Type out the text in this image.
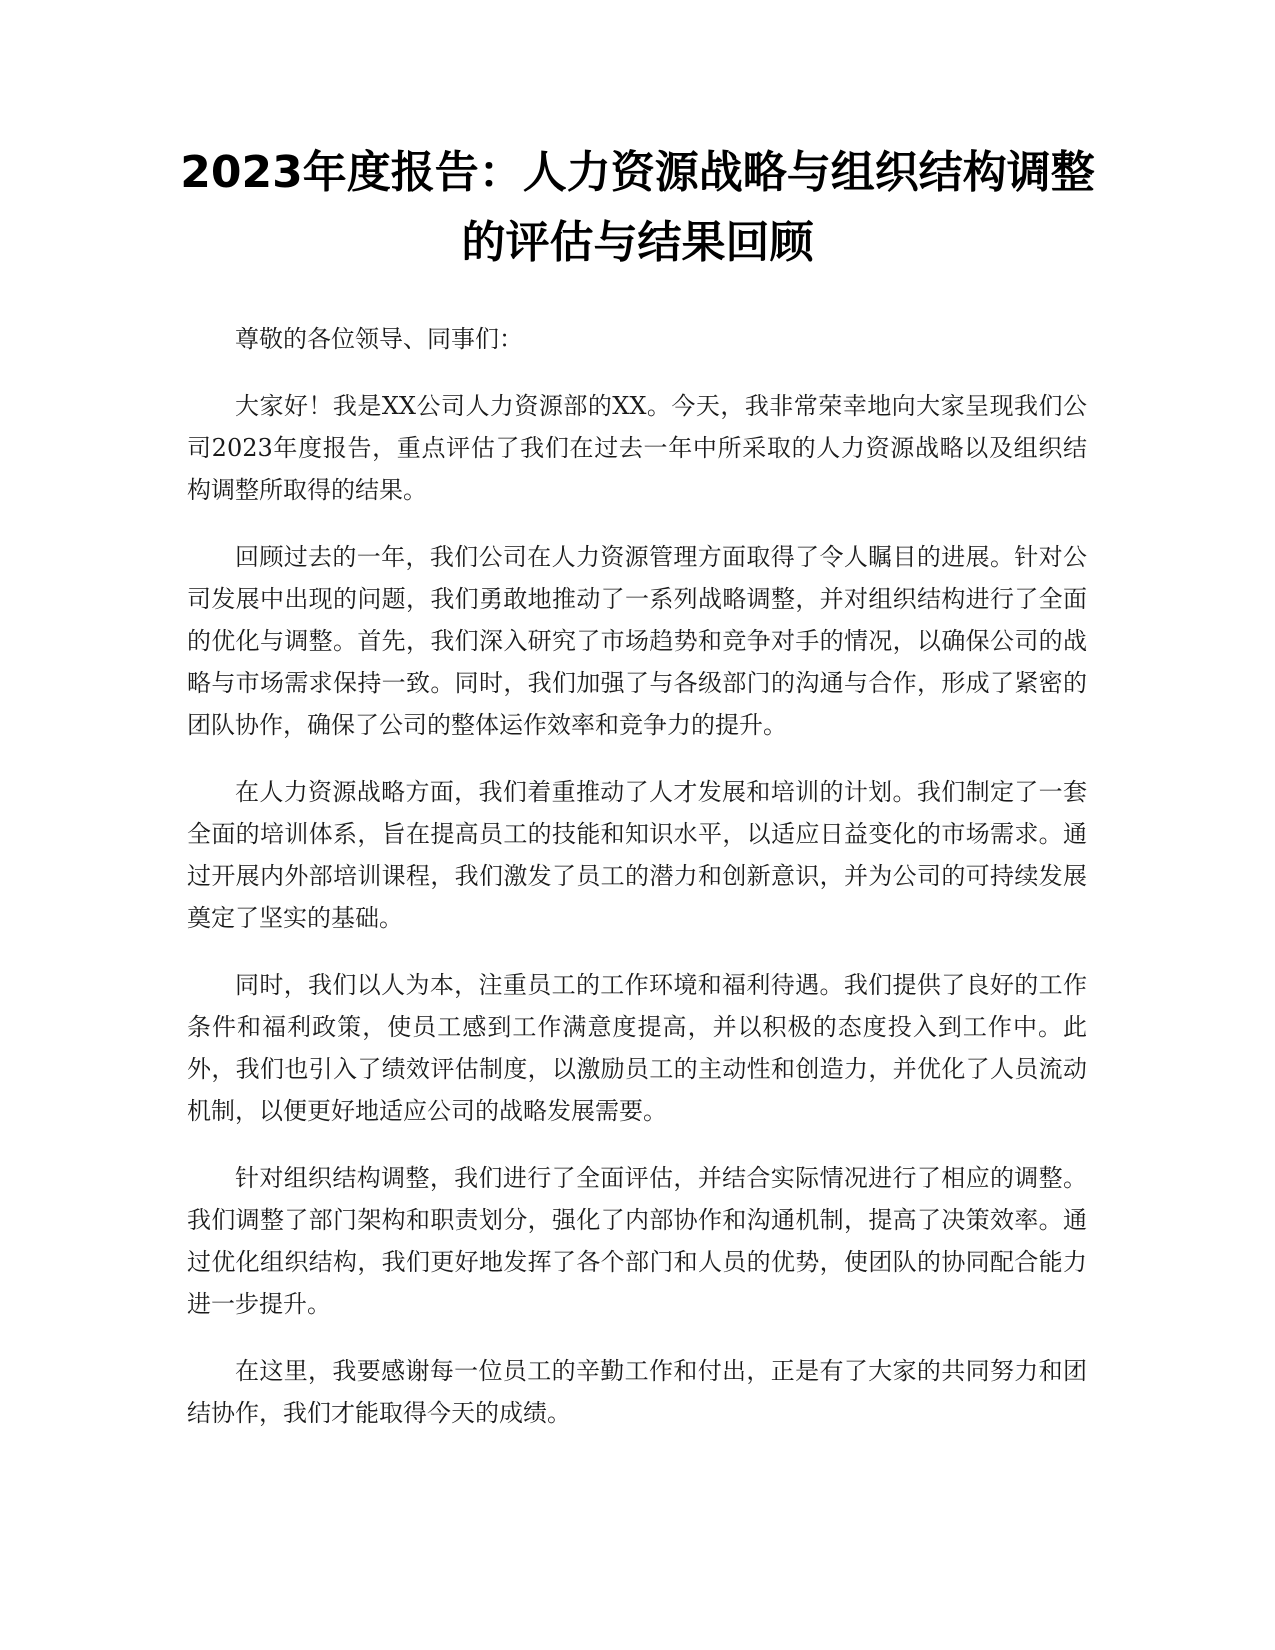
2023年度报告：人力资源战略与组织结构调整的评估与结果回顾

尊敬的各位领导、同事们：

大家好！我是XX公司人力资源部的XX。今天，我非常荣幸地向大家呈现我们公司2023年度报告，重点评估了我们在过去一年中所采取的人力资源战略以及组织结构调整所取得的结果。

回顾过去的一年，我们公司在人力资源管理方面取得了令人瞩目的进展。针对公司发展中出现的问题，我们勇敢地推动了一系列战略调整，并对组织结构进行了全面的优化与调整。首先，我们深入研究了市场趋势和竞争对手的情况，以确保公司的战略与市场需求保持一致。同时，我们加强了与各级部门的沟通与合作，形成了紧密的团队协作，确保了公司的整体运作效率和竞争力的提升。

在人力资源战略方面，我们着重推动了人才发展和培训的计划。我们制定了一套全面的培训体系，旨在提高员工的技能和知识水平，以适应日益变化的市场需求。通过开展内外部培训课程，我们激发了员工的潜力和创新意识，并为公司的可持续发展奠定了坚实的基础。

同时，我们以人为本，注重员工的工作环境和福利待遇。我们提供了良好的工作条件和福利政策，使员工感到工作满意度提高，并以积极的态度投入到工作中。此外，我们也引入了绩效评估制度，以激励员工的主动性和创造力，并优化了人员流动机制，以便更好地适应公司的战略发展需要。

针对组织结构调整，我们进行了全面评估，并结合实际情况进行了相应的调整。我们调整了部门架构和职责划分，强化了内部协作和沟通机制，提高了决策效率。通过优化组织结构，我们更好地发挥了各个部门和人员的优势，使团队的协同配合能力进一步提升。

在这里，我要感谢每一位员工的辛勤工作和付出，正是有了大家的共同努力和团结协作，我们才能取得今天的成绩。
